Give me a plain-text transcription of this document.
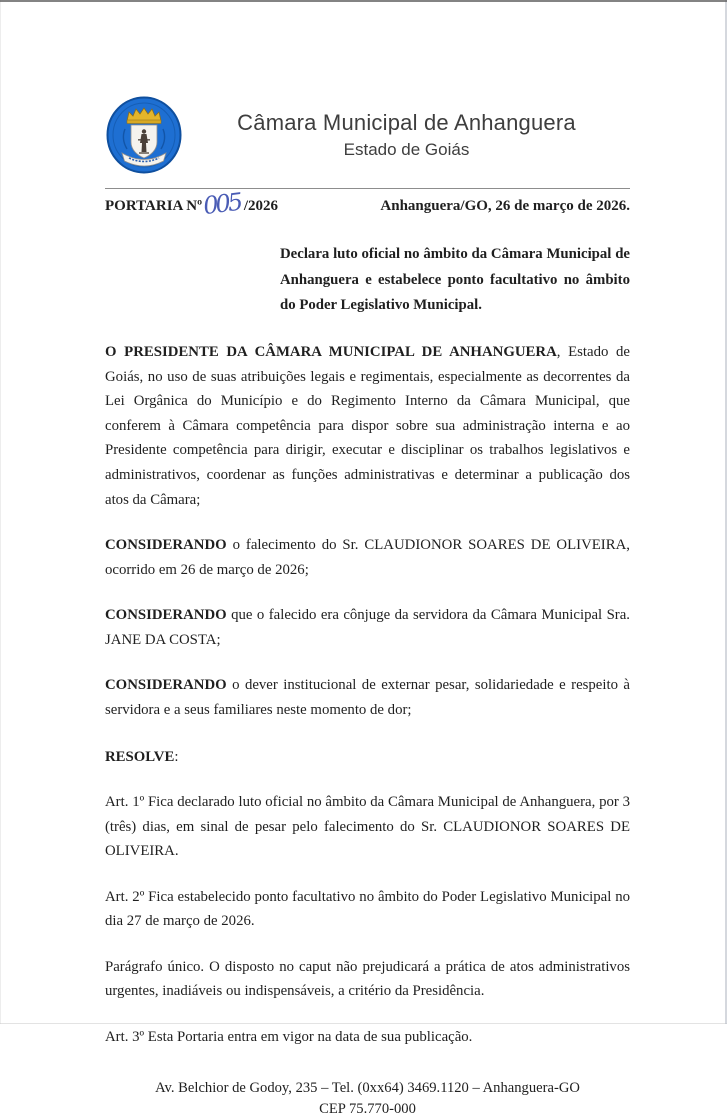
Câmara Municipal de Anhanguera
Estado de Goiás
PORTARIA Nº005 /2026	Anhanguera/GO, 26 de março de 2026.

Declara luto oficial no âmbito da Câmara Municipal de Anhanguera e estabelece ponto facultativo no âmbito do Poder Legislativo Municipal.

O PRESIDENTE DA CÂMARA MUNICIPAL DE ANHANGUERA, Estado de Goiás, no uso de suas atribuições legais e regimentais, especialmente as decorrentes da Lei Orgânica do Município e do Regimento Interno da Câmara Municipal, que conferem à Câmara competência para dispor sobre sua administração interna e ao Presidente competência para dirigir, executar e disciplinar os trabalhos legislativos e administrativos, coordenar as funções administrativas e determinar a publicação dos atos da Câmara;

CONSIDERANDO o falecimento do Sr. CLAUDIONOR SOARES DE OLIVEIRA, ocorrido em 26 de março de 2026;

CONSIDERANDO que o falecido era cônjuge da servidora da Câmara Municipal Sra. JANE DA COSTA;

CONSIDERANDO o dever institucional de externar pesar, solidariedade e respeito à servidora e a seus familiares neste momento de dor;

RESOLVE:

Art. 1º Fica declarado luto oficial no âmbito da Câmara Municipal de Anhanguera, por 3 (três) dias, em sinal de pesar pelo falecimento do Sr. CLAUDIONOR SOARES DE OLIVEIRA.

Art. 2º Fica estabelecido ponto facultativo no âmbito do Poder Legislativo Municipal no dia 27 de março de 2026.

Parágrafo único. O disposto no caput não prejudicará a prática de atos administrativos urgentes, inadiáveis ou indispensáveis, a critério da Presidência.

Art. 3º Esta Portaria entra em vigor na data de sua publicação.

Av. Belchior de Godoy, 235 – Tel. (0xx64) 3469.1120 – Anhanguera-GO
CEP 75.770-000
